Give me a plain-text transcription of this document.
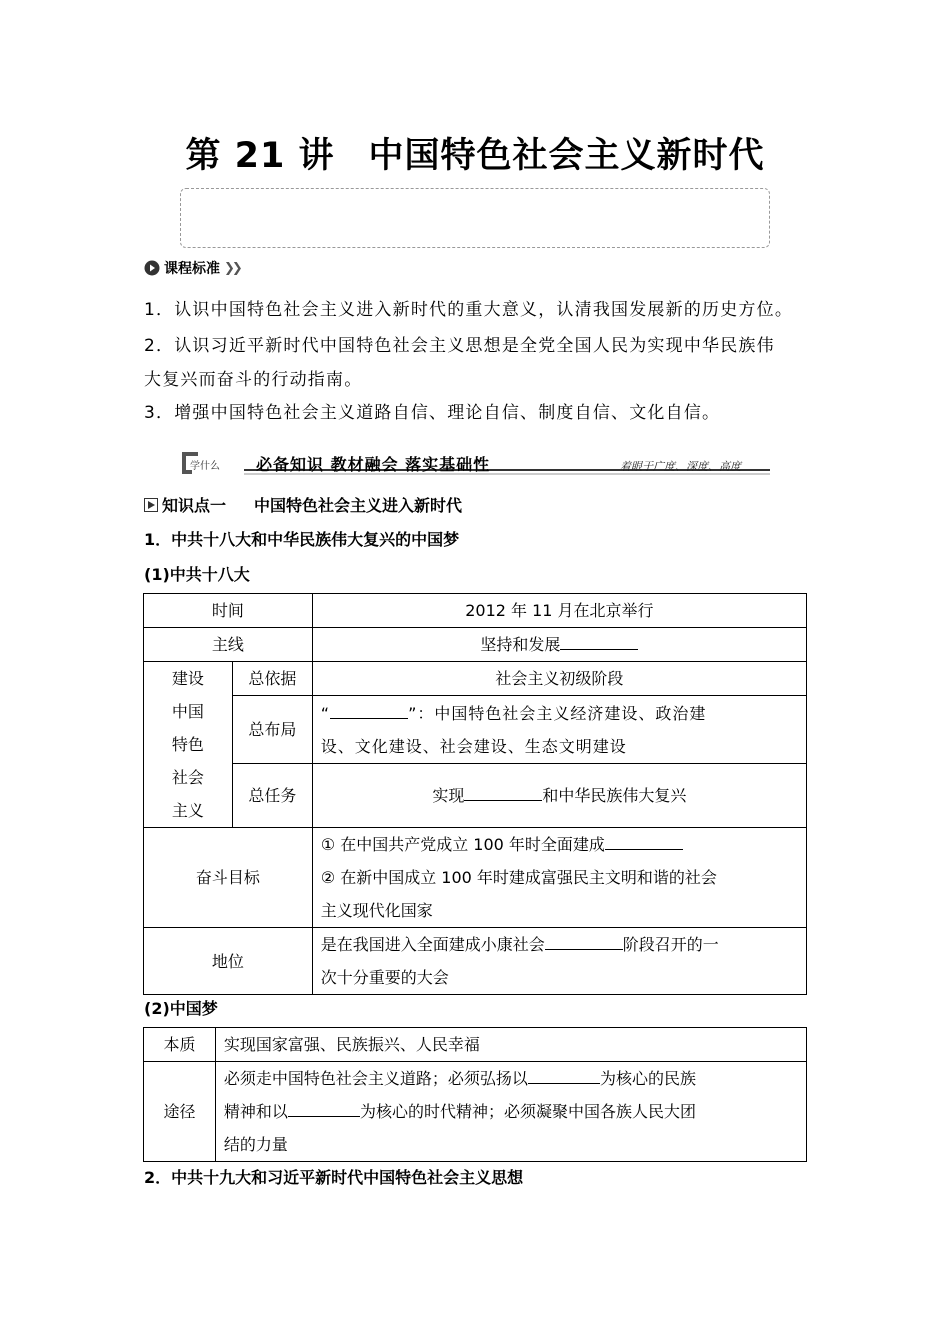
第 21 讲 中国特色社会主义新时代
课程标准 ❯❯
1．认识中国特色社会主义进入新时代的重大意义，认清我国发展新的历史方位。
2．认识习近平新时代中国特色社会主义思想是全党全国人民为实现中华民族伟
大复兴而奋斗的行动指南。
3．增强中国特色社会主义道路自信、理论自信、制度自信、文化自信。
学什么 必备知识 教材融会 落实基础性	着眼于广度、深度、高度
知识点一 中国特色社会主义进入新时代
1．中共十八大和中华民族伟大复兴的中国梦
(1)中共十八大
时间		2012 年 11 月在北京举行
主线		坚持和发展

建设
中国
特色
社会
主义	总依据	社会主义初级阶段
	总布局	“ ”：中国特色社会主义经济建设、政治建
设、文化建设、社会建设、生态文明建设
	总任务	实现 和中华民族伟大复兴
奋斗目标		① 在中国共产党成立 100 年时全面建成
② 在新中国成立 100 年时建成富强民主文明和谐的社会
主义现代化国家
地位		是在我国进入全面建成小康社会 阶段召开的一
次十分重要的大会
(2)中国梦
本质	实现国家富强、民族振兴、人民幸福
途径	必须走中国特色社会主义道路；必须弘扬以 为核心的民族
精神和以 为核心的时代精神；必须凝聚中国各族人民大团
结的力量
2．中共十九大和习近平新时代中国特色社会主义思想
